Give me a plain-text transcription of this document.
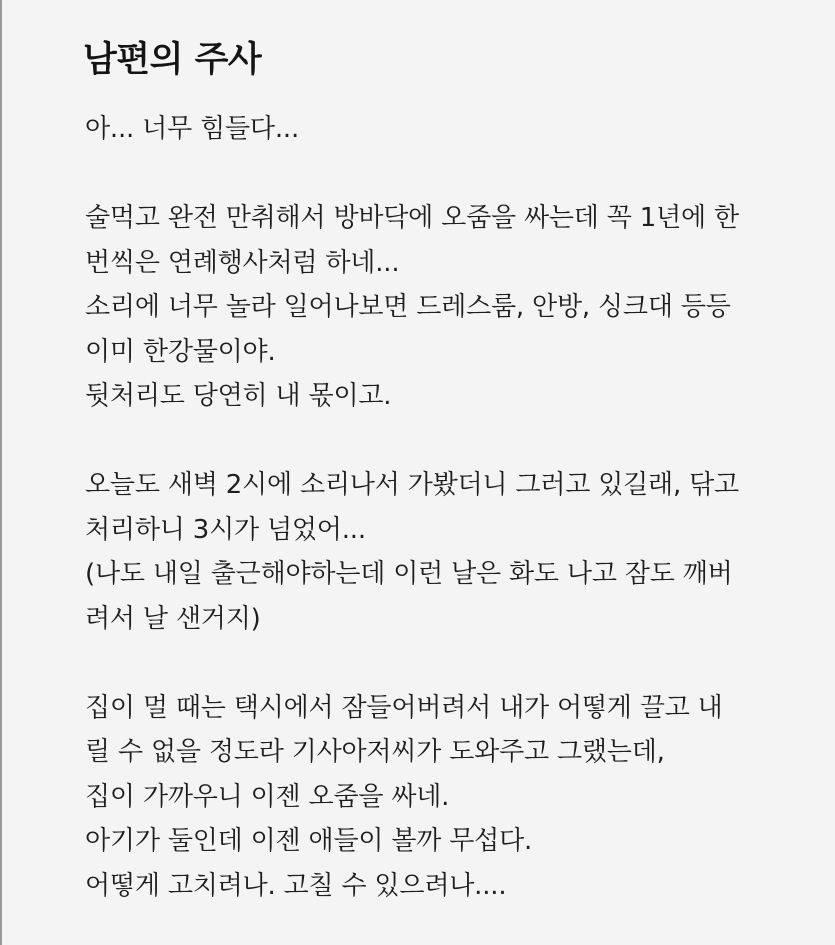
남편의 주사
아... 너무 힘들다...
술먹고 완전 만취해서 방바닥에 오줌을 싸는데 꼭 1년에 한
번씩은 연례행사처럼 하네...
소리에 너무 놀라 일어나보면 드레스룸, 안방, 싱크대 등등
이미 한강물이야.
뒷처리도 당연히 내 몫이고.
오늘도 새벽 2시에 소리나서 가봤더니 그러고 있길래, 닦고
처리하니 3시가 넘었어...
(나도 내일 출근해야하는데 이런 날은 화도 나고 잠도 깨버
려서 날 샌거지)
집이 멀 때는 택시에서 잠들어버려서 내가 어떻게 끌고 내
릴 수 없을 정도라 기사아저씨가 도와주고 그랬는데,
집이 가까우니 이젠 오줌을 싸네.
아기가 둘인데 이젠 애들이 볼까 무섭다.
어떻게 고치려나. 고칠 수 있으려나....
